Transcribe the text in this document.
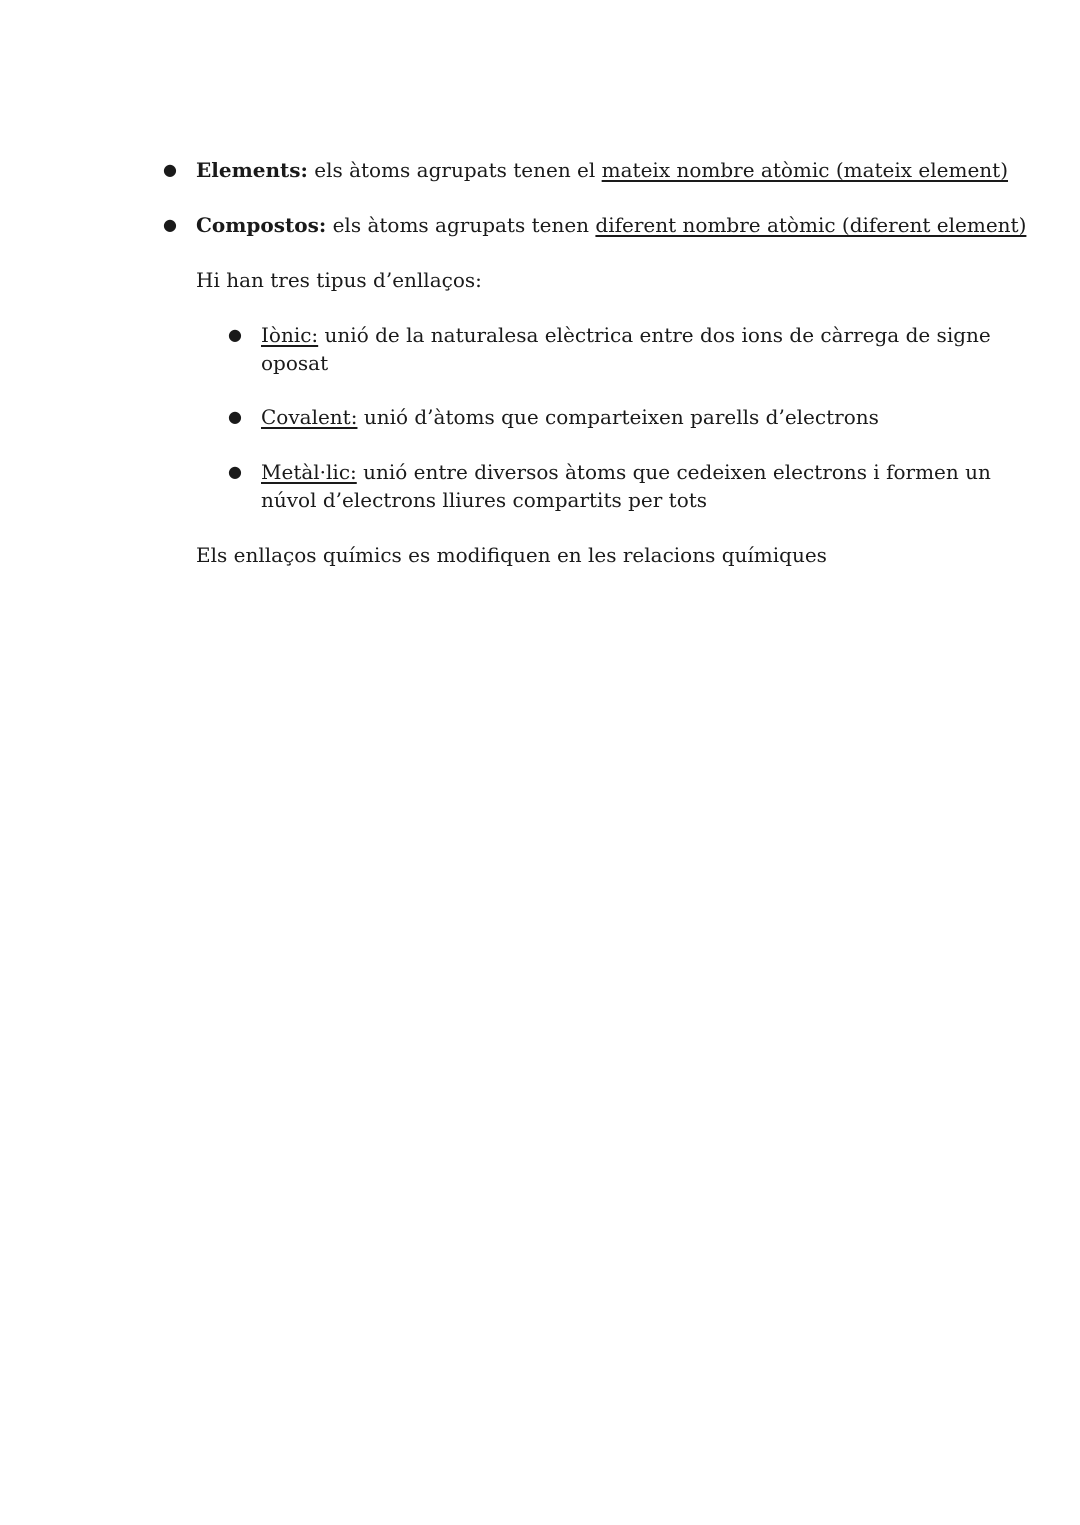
● Elements: els àtoms agrupats tenen el mateix nombre atòmic (mateix element)
● Compostos: els àtoms agrupats tenen diferent nombre atòmic (diferent element)
Hi han tres tipus d’enllaços:
● Iònic: unió de la naturalesa elèctrica entre dos ions de càrrega de signe
oposat
● Covalent: unió d’àtoms que comparteixen parells d’electrons
● Metàl·lic: unió entre diversos àtoms que cedeixen electrons i formen un
núvol d’electrons lliures compartits per tots
Els enllaços químics es modifiquen en les relacions químiques
